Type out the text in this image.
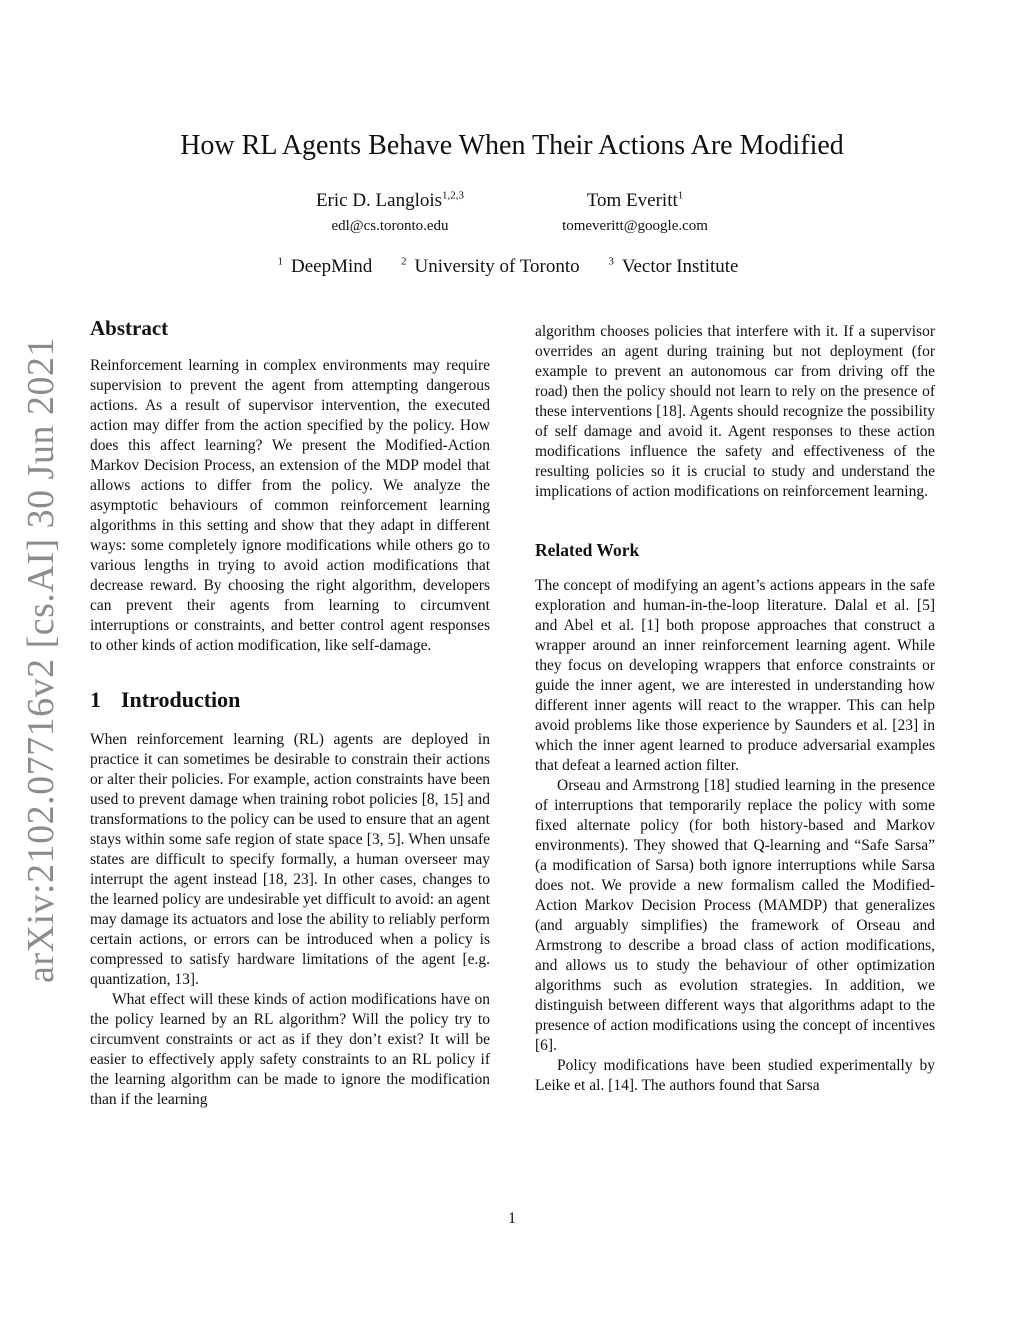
arXiv:2102.07716v2 [cs.AI] 30 Jun 2021
How RL Agents Behave When Their Actions Are Modified
Eric D. Langlois$^{1,2,3}$
edl@cs.toronto.edu
Tom Everitt$^1$
tomeveritt@google.com
$^1$ DeepMind	$^2$ University of Toronto	$^3$ Vector Institute
Abstract

Reinforcement learning in complex environments may require supervision to prevent the agent from attempting dangerous actions. As a result of supervisor intervention, the executed action may differ from the action specified by the policy. How does this affect learning? We present the Modified-Action Markov Decision Process, an extension of the MDP model that allows actions to differ from the policy. We analyze the asymptotic behaviours of common reinforcement learning algorithms in this setting and show that they adapt in different ways: some completely ignore modifications while others go to various lengths in trying to avoid action modifications that decrease reward. By choosing the right algorithm, developers can prevent their agents from learning to circumvent interruptions or constraints, and better control agent responses to other kinds of action modification, like self-damage.

1 Introduction

When reinforcement learning (RL) agents are deployed in practice it can sometimes be desirable to constrain their actions or alter their policies. For example, action constraints have been used to prevent damage when training robot policies [8, 15] and transformations to the policy can be used to ensure that an agent stays within some safe region of state space [3, 5]. When unsafe states are difficult to specify formally, a human overseer may interrupt the agent instead [18, 23]. In other cases, changes to the learned policy are undesirable yet difficult to avoid: an agent may damage its actuators and lose the ability to reliably perform certain actions, or errors can be introduced when a policy is compressed to satisfy hardware limitations of the agent [e.g. quantization, 13].

What effect will these kinds of action modifications have on the policy learned by an RL algorithm? Will the policy try to circumvent constraints or act as if they don’t exist? It will be easier to effectively apply safety constraints to an RL policy if the learning algorithm can be made to ignore the modification than if the learning

algorithm chooses policies that interfere with it. If a supervisor overrides an agent during training but not deployment (for example to prevent an autonomous car from driving off the road) then the policy should not learn to rely on the presence of these interventions [18]. Agents should recognize the possibility of self damage and avoid it. Agent responses to these action modifications influence the safety and effectiveness of the resulting policies so it is crucial to study and understand the implications of action modifications on reinforcement learning.

Related Work

The concept of modifying an agent’s actions appears in the safe exploration and human-in-the-loop literature. Dalal et al. [5] and Abel et al. [1] both propose approaches that construct a wrapper around an inner reinforcement learning agent. While they focus on developing wrappers that enforce constraints or guide the inner agent, we are interested in understanding how different inner agents will react to the wrapper. This can help avoid problems like those experience by Saunders et al. [23] in which the inner agent learned to produce adversarial examples that defeat a learned action filter.

Orseau and Armstrong [18] studied learning in the presence of interruptions that temporarily replace the policy with some fixed alternate policy (for both history-based and Markov environments). They showed that Q-learning and “Safe Sarsa” (a modification of Sarsa) both ignore interruptions while Sarsa does not. We provide a new formalism called the Modified-Action Markov Decision Process (MAMDP) that generalizes (and arguably simplifies) the framework of Orseau and Armstrong to describe a broad class of action modifications, and allows us to study the behaviour of other optimization algorithms such as evolution strategies. In addition, we distinguish between different ways that algorithms adapt to the presence of action modifications using the concept of incentives [6].

Policy modifications have been studied experimentally by Leike et al. [14]. The authors found that Sarsa

1
